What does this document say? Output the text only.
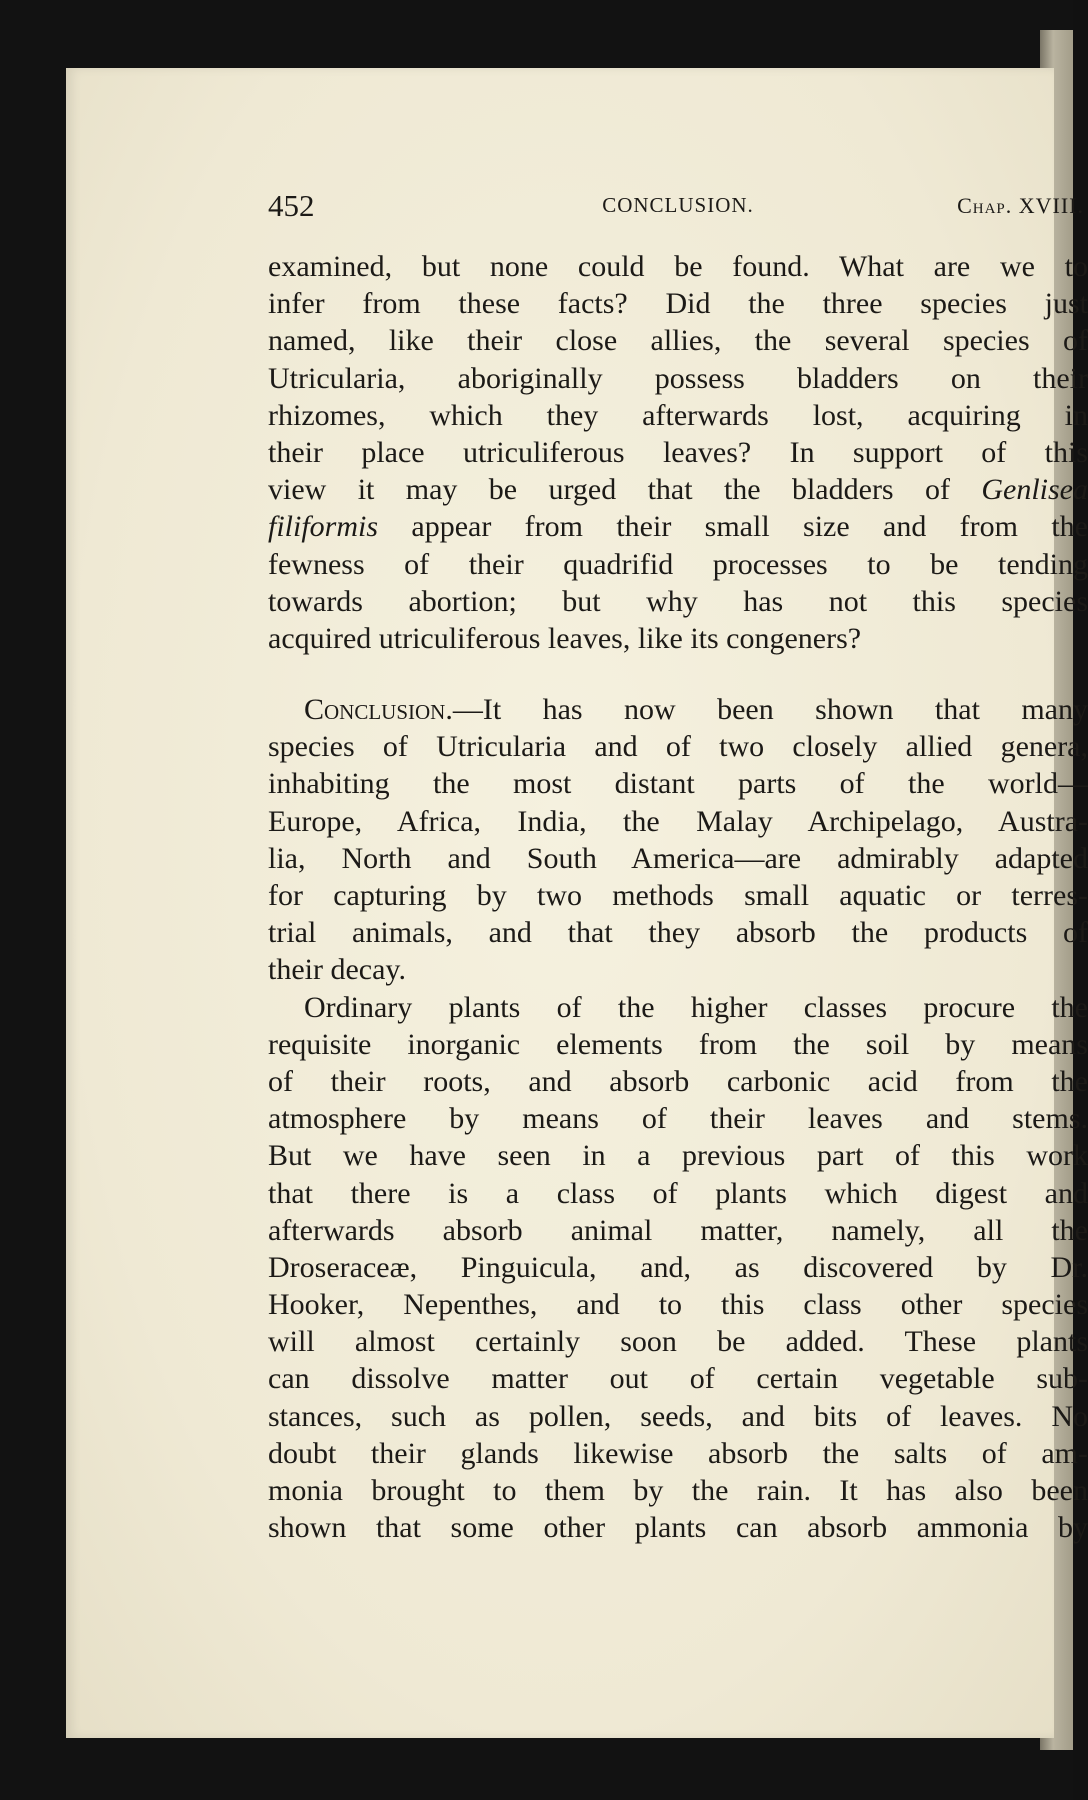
452	CONCLUSION.	Chap. XVIII.
examined, but none could be found. What are we to
infer from these facts? Did the three species just
named, like their close allies, the several species of
Utricularia, aboriginally possess bladders on their
rhizomes, which they afterwards lost, acquiring in
their place utriculiferous leaves? In support of this
view it may be urged that the bladders of Genlisea
filiformis appear from their small size and from the
fewness of their quadrifid processes to be tending
towards abortion; but why has not this species
acquired utriculiferous leaves, like its congeners?
Conclusion.—It has now been shown that many
species of Utricularia and of two closely allied genera,
inhabiting the most distant parts of the world—
Europe, Africa, India, the Malay Archipelago, Austra-
lia, North and South America—are admirably adapted
for capturing by two methods small aquatic or terres-
trial animals, and that they absorb the products of
their decay.
Ordinary plants of the higher classes procure the
requisite inorganic elements from the soil by means
of their roots, and absorb carbonic acid from the
atmosphere by means of their leaves and stems.
But we have seen in a previous part of this work
that there is a class of plants which digest and
afterwards absorb animal matter, namely, all the
Droseraceæ, Pinguicula, and, as discovered by Dr.
Hooker, Nepenthes, and to this class other species
will almost certainly soon be added. These plants
can dissolve matter out of certain vegetable sub-
stances, such as pollen, seeds, and bits of leaves. No
doubt their glands likewise absorb the salts of am-
monia brought to them by the rain. It has also been
shown that some other plants can absorb ammonia by
